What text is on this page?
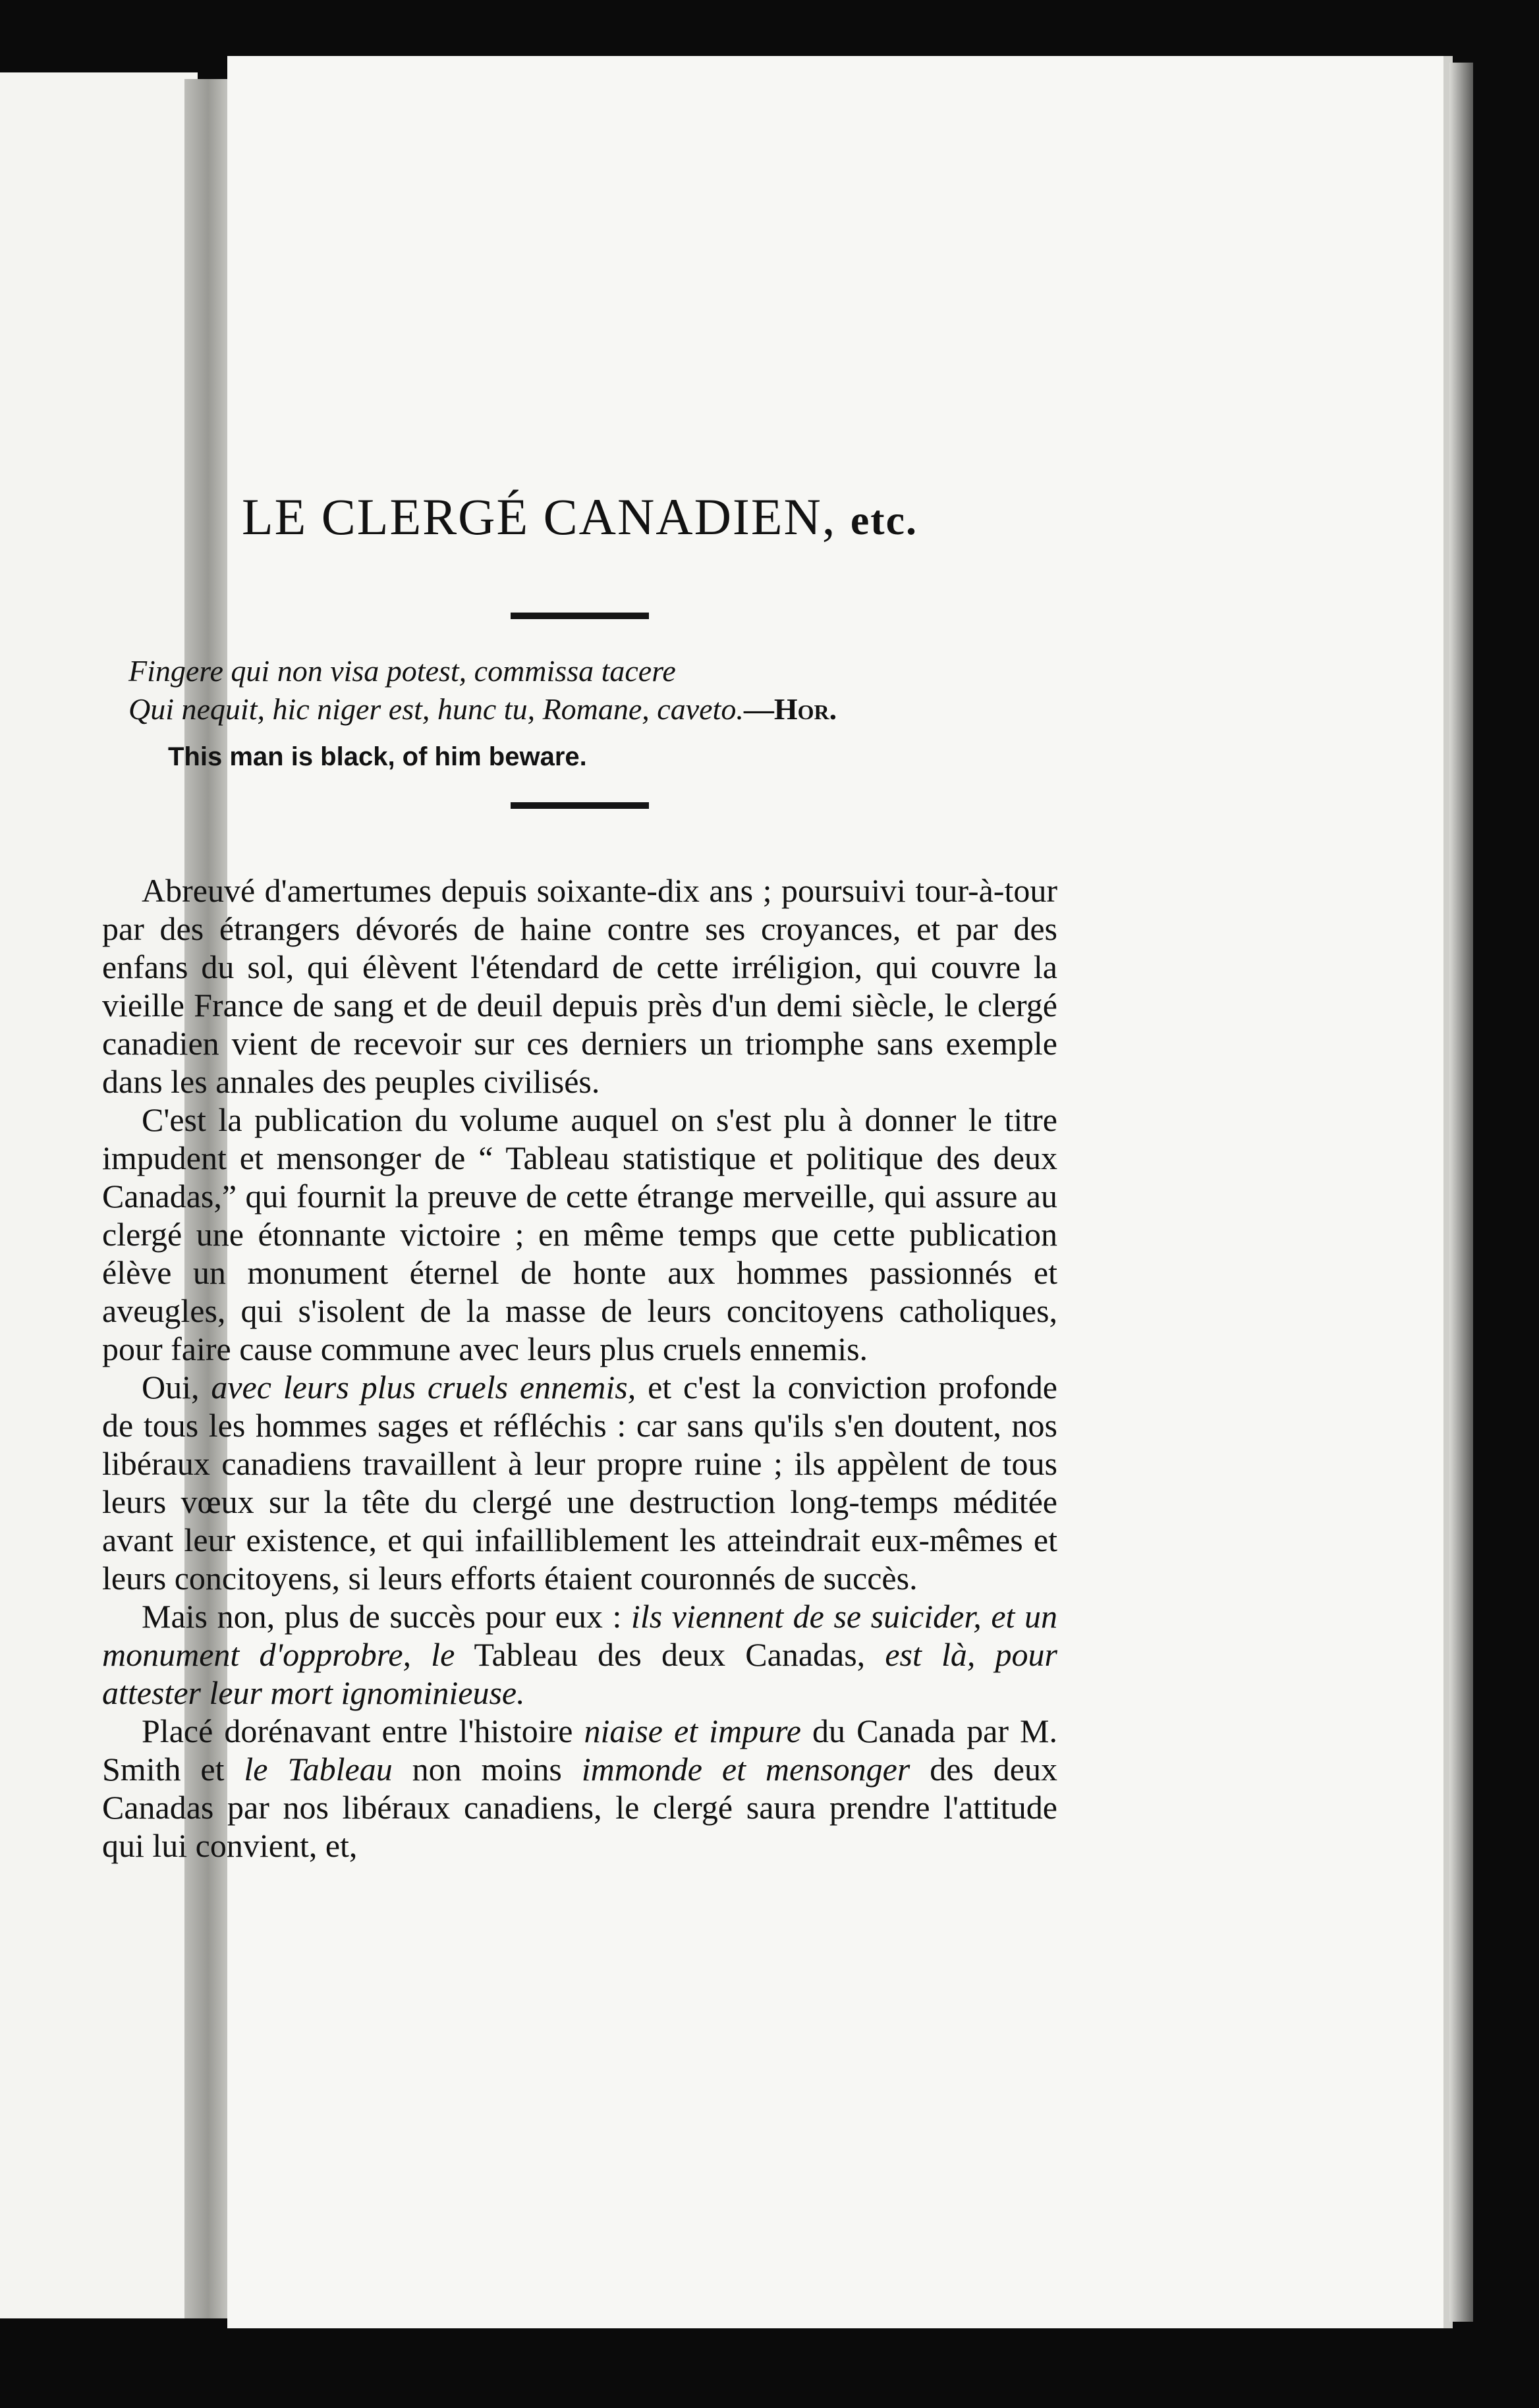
LE CLERGÉ CANADIEN, etc.
Fingere qui non visa potest, commissa tacere
Qui nequit, hic niger est, hunc tu, Romane, caveto.—Hor.
This man is black, of him beware.

Abreuvé d'amertumes depuis soixante-dix ans ; poursuivi tour-à-tour par des étrangers dévorés de haine contre ses croyances, et par des enfans du sol, qui élèvent l'étendard de cette irréligion, qui couvre la vieille France de sang et de deuil depuis près d'un demi siècle, le clergé canadien vient de recevoir sur ces derniers un triomphe sans exemple dans les annales des peuples civilisés.

C'est la publication du volume auquel on s'est plu à donner le titre impudent et mensonger de “ Tableau statistique et politique des deux Canadas,” qui fournit la preuve de cette étrange merveille, qui assure au clergé une étonnante victoire ; en même temps que cette publication élève un monument éternel de honte aux hommes passionnés et aveugles, qui s'isolent de la masse de leurs concitoyens catholiques, pour faire cause commune avec leurs plus cruels ennemis.

Oui, avec leurs plus cruels ennemis, et c'est la conviction profonde de tous les hommes sages et réfléchis : car sans qu'ils s'en doutent, nos libéraux canadiens travaillent à leur propre ruine ; ils appèlent de tous leurs vœux sur la tête du clergé une destruction long-temps méditée avant leur existence, et qui infailliblement les atteindrait eux-mêmes et leurs concitoyens, si leurs efforts étaient couronnés de succès.

Mais non, plus de succès pour eux : ils viennent de se suicider, et un monument d'opprobre, le Tableau des deux Canadas, est là, pour attester leur mort ignominieuse.

Placé dorénavant entre l'histoire niaise et impure du Canada par M. Smith et le Tableau non moins immonde et mensonger des deux Canadas par nos libéraux canadiens, le clergé saura prendre l'attitude qui lui convient, et,
